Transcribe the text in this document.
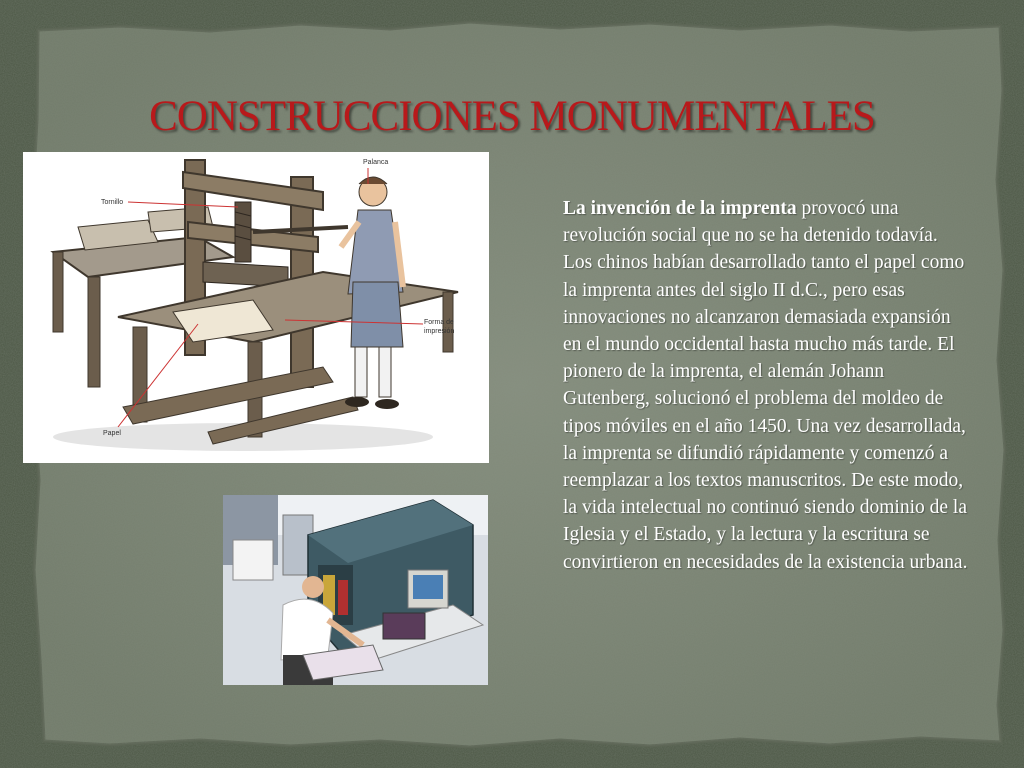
CONSTRUCCIONES MONUMENTALES
Palanca
Tornillo
Forma de
impresión
Papel

La invención de la imprenta provocó una revolución social que no se ha detenido todavía. Los chinos habían desarrollado tanto el papel como la imprenta antes del siglo II d.C., pero esas innovaciones no alcanzaron demasiada expansión en el mundo occidental hasta mucho más tarde. El pionero de la imprenta, el alemán Johann Gutenberg, solucionó el problema del moldeo de tipos móviles en el año 1450. Una vez desarrollada, la imprenta se difundió rápidamente y comenzó a reemplazar a los textos manuscritos. De este modo, la vida intelectual no continuó siendo dominio de la Iglesia y el Estado, y la lectura y la escritura se convirtieron en necesidades de la existencia urbana.
